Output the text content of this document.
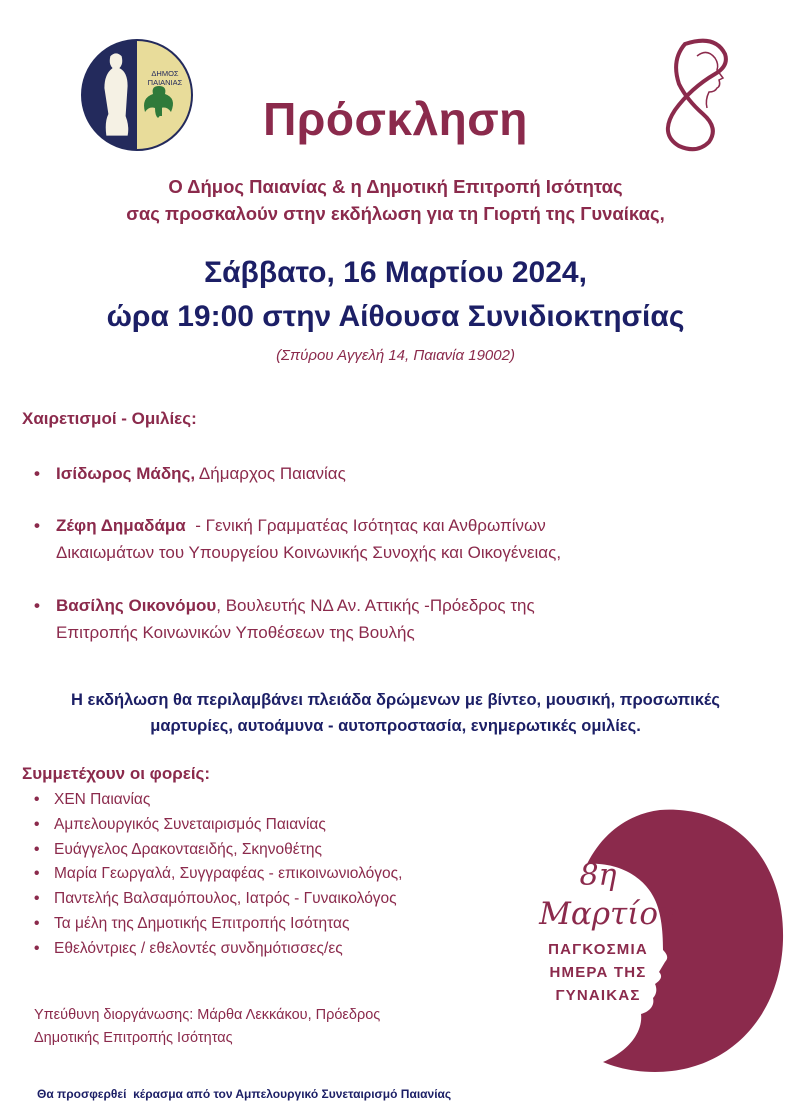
ΔΗΜΟΣ ΠΑΙΑΝΙΑΣ
Πρόσκληση
Ο Δήμος Παιανίας & η Δημοτική Επιτροπή Ισότητας
σας προσκαλούν στην εκδήλωση για τη Γιορτή της Γυναίκας,
Σάββατο, 16 Μαρτίου 2024,
ώρα 19:00 στην Αίθουσα Συνιδιοκτησίας
(Σπύρου Αγγελή 14, Παιανία 19002)
Χαιρετισμοί - Ομιλίες:
• Ισίδωρος Μάδης, Δήμαρχος Παιανίας
• Ζέφη Δημαδάμα  - Γενική Γραμματέας Ισότητας και Ανθρωπίνων
Δικαιωμάτων του Υπουργείου Κοινωνικής Συνοχής και Οικογένειας,
• Βασίλης Οικονόμου, Βουλευτής ΝΔ Αν. Αττικής -Πρόεδρος της
Επιτροπής Κοινωνικών Υποθέσεων της Βουλής
Η εκδήλωση θα περιλαμβάνει πλειάδα δρώμενων με βίντεο, μουσική, προσωπικές
μαρτυρίες, αυτοάμυνα - αυτοπροστασία, ενημερωτικές ομιλίες.
Συμμετέχουν οι φορείς:
• ΧΕΝ Παιανίας
• Αμπελουργικός Συνεταιρισμός Παιανίας
• Ευάγγελος Δρακονταειδής, Σκηνοθέτης
• Μαρία Γεωργαλά, Συγγραφέας - επικοινωνιολόγος,
• Παντελής Βαλσαμόπουλος, Ιατρός - Γυναικολόγος
• Τα μέλη της Δημοτικής Επιτροπής Ισότητας
• Εθελόντριες / εθελοντές συνδημότισσες/ες
Υπεύθυνη διοργάνωσης: Μάρθα Λεκκάκου, Πρόεδρος
Δημοτικής Επιτροπής Ισότητας
Θα προσφερθεί  κέρασμα από τον Αμπελουργικό Συνεταιρισμό Παιανίας
8η
Μαρτίου
ΠΑΓΚΟΣΜΙΑ
ΗΜΕΡΑ ΤΗΣ
ΓΥΝΑΙΚΑΣ
